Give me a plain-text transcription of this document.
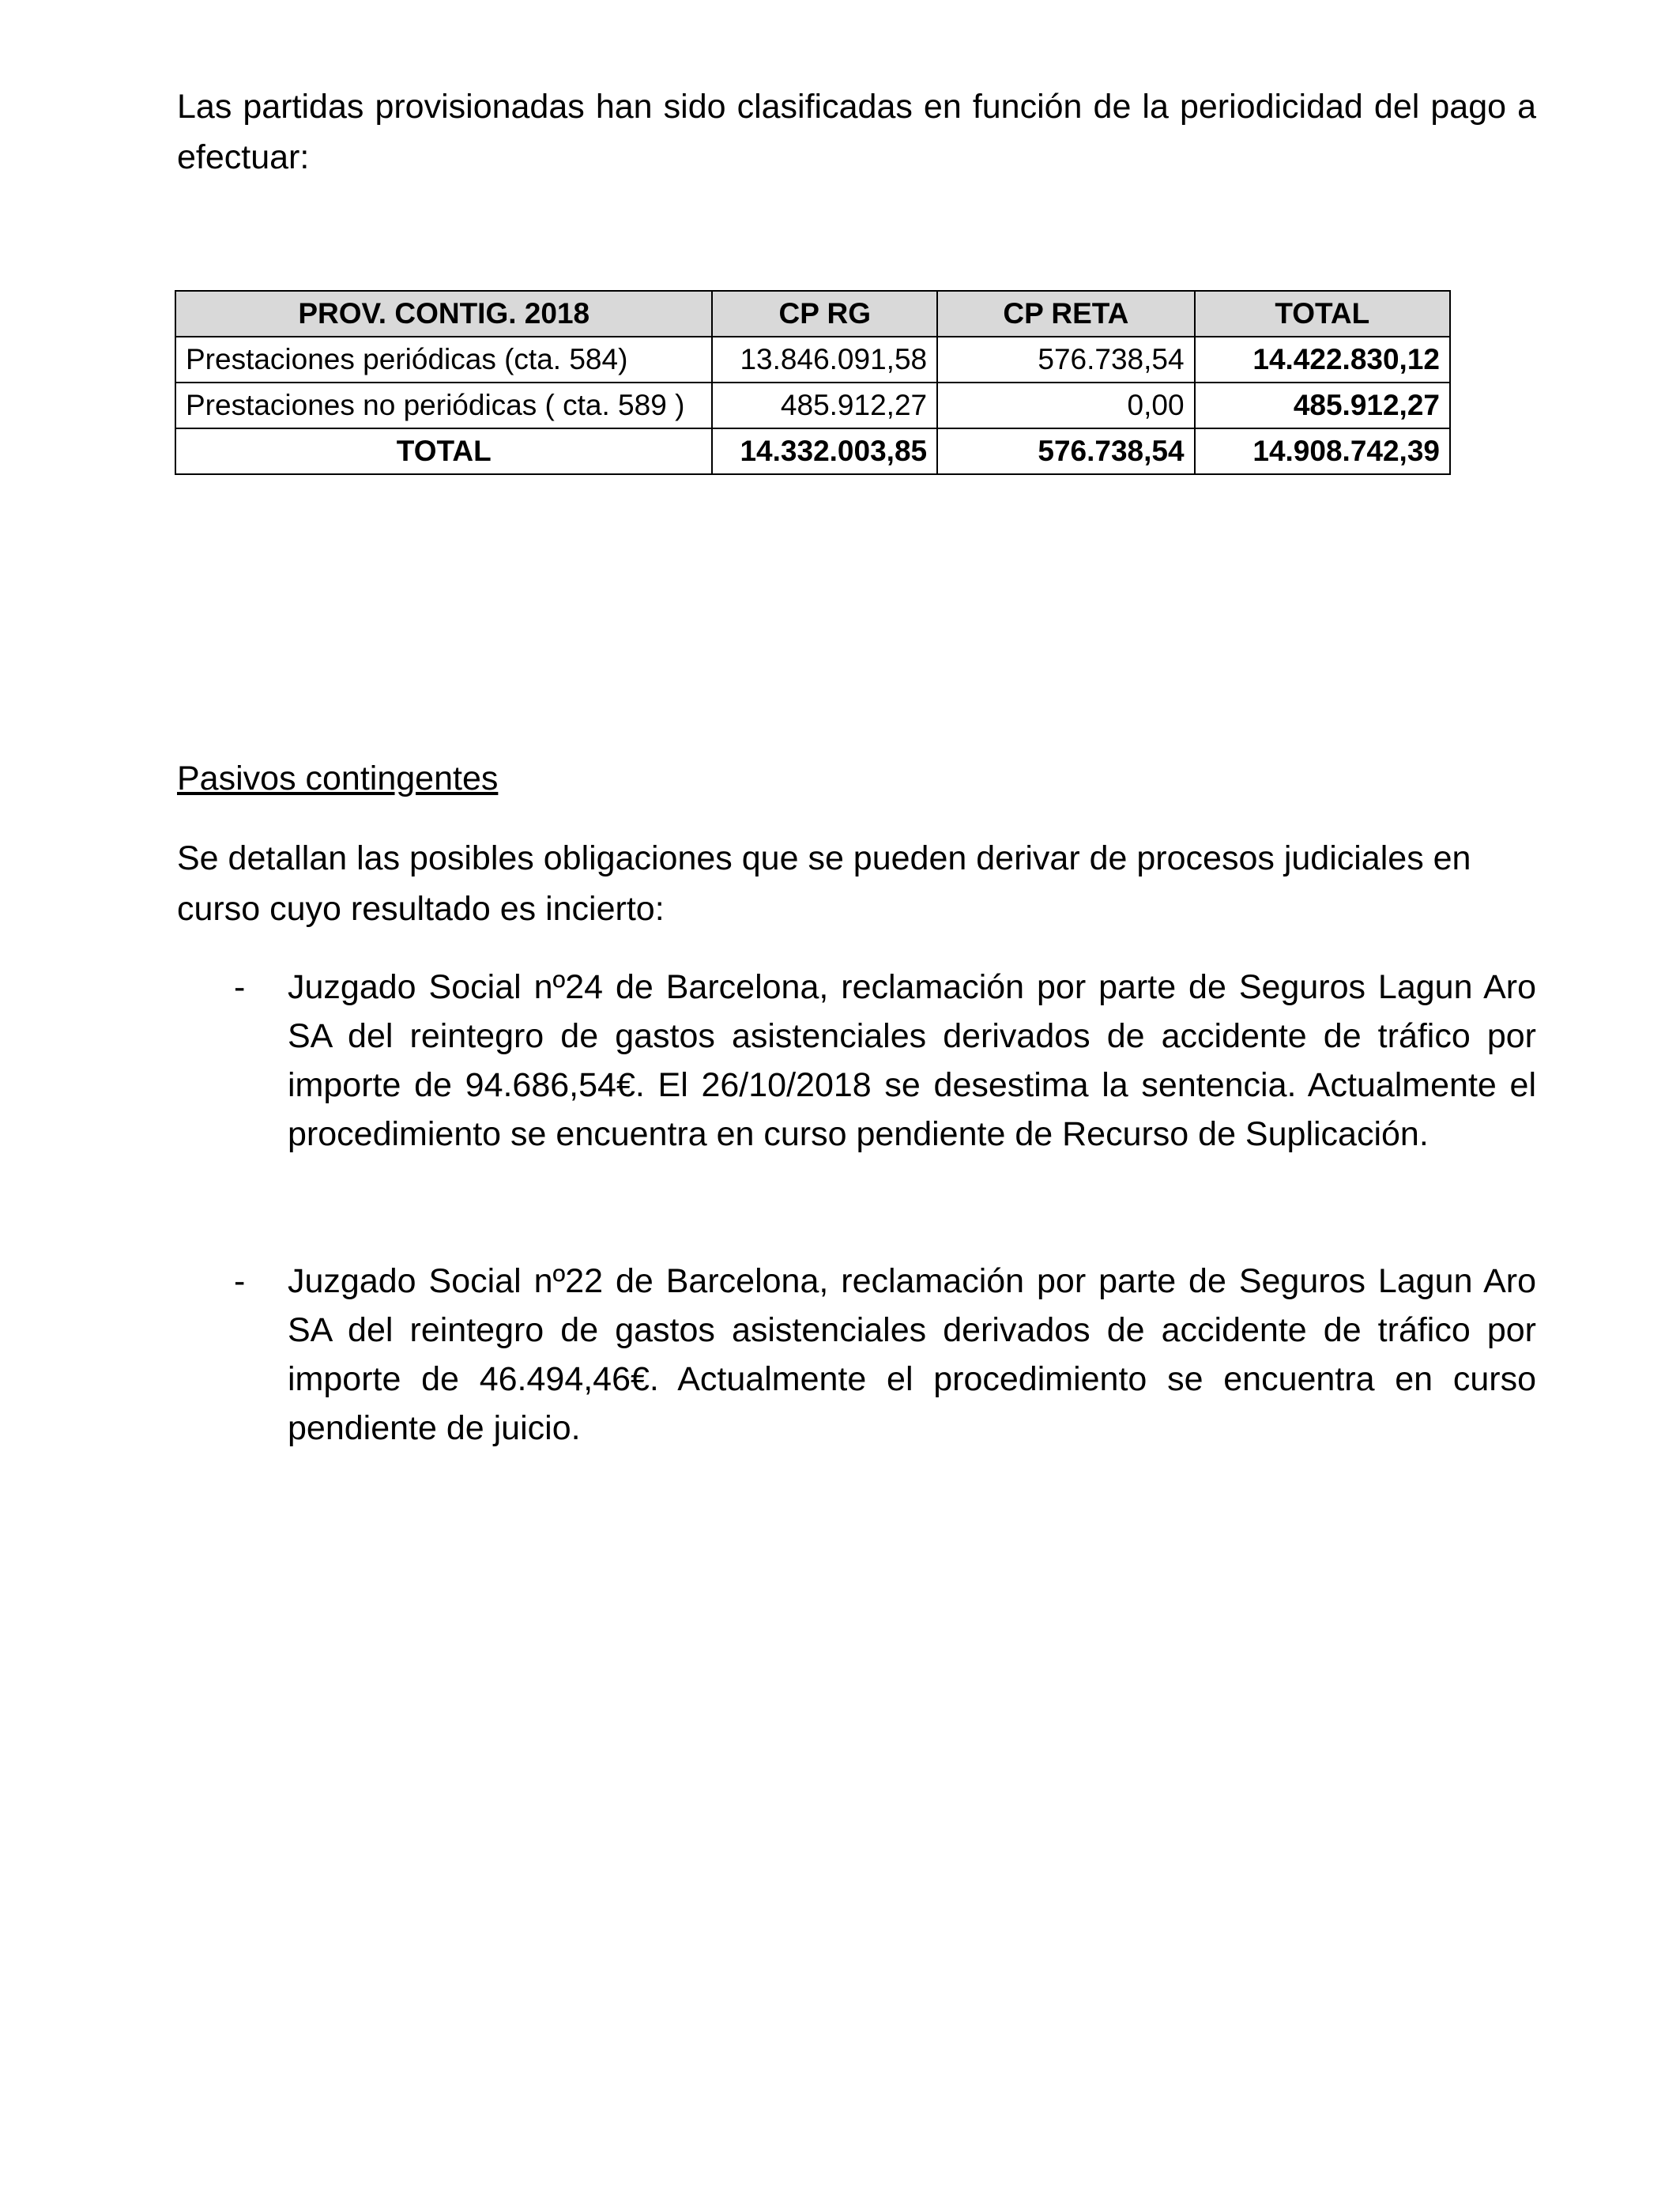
Las partidas provisionadas han sido clasificadas en función de la periodicidad del pago a efectuar:

PROV. CONTIG. 2018	CP RG	CP RETA	TOTAL
Prestaciones periódicas (cta. 584)	13.846.091,58	576.738,54	14.422.830,12
Prestaciones no periódicas ( cta. 589 )	485.912,27	0,00	485.912,27
TOTAL	14.332.003,85	576.738,54	14.908.742,39
Pasivos contingentes

Se detallan las posibles obligaciones que se pueden derivar de procesos judiciales en curso cuyo resultado es incierto:

- Juzgado Social nº24 de Barcelona, reclamación por parte de Seguros Lagun Aro SA del reintegro de gastos asistenciales derivados de accidente de tráfico por importe de 94.686,54€. El 26/10/2018 se desestima la sentencia. Actualmente el procedimiento se encuentra en curso pendiente de Recurso de Suplicación.

- Juzgado Social nº22 de Barcelona, reclamación por parte de Seguros Lagun Aro SA del reintegro de gastos asistenciales derivados de accidente de tráfico por importe de 46.494,46€. Actualmente el procedimiento se encuentra en curso pendiente de juicio.
